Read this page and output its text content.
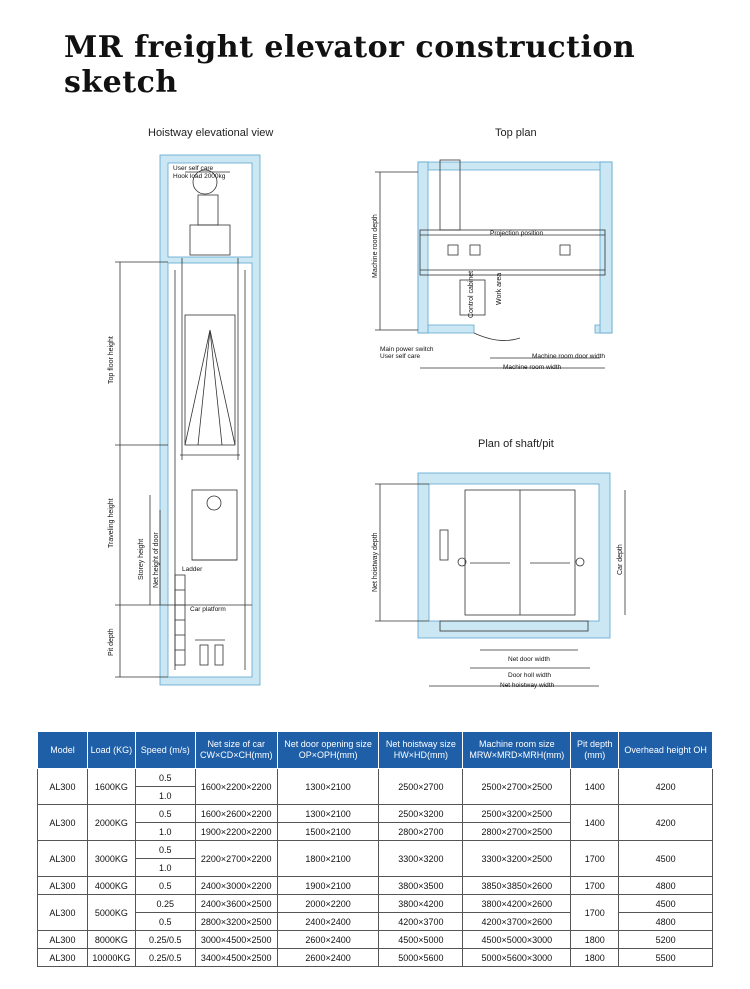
MR freight elevator construction sketch
Hoistway elevational view
User self care
Hook load 2000kg
Top floor height
Traveling height
Storey height Net height of door	Ladder
Car platform
Pit depth
Top plan
Machine room depth	Projection position
Control cabinet	Work area
Main power switch
User self care	Machine room door width
Machine room width
Plan of shaft/pit
Net hoistway depth	Car depth
Net door width
Door holl width
Net hoistway width
Model	Load (KG)	Speed (m/s)	Net size of car CW×CD×CH(mm)	Net door opening size OP×OPH(mm)	Net hoistway size HW×HD(mm)	Machine room size MRW×MRD×MRH(mm)	Pit depth (mm)	Overhead height OH
AL300	1600KG	0.5	1600×2200×2200	1300×2100	2500×2700	2500×2700×2500	1400	4200
		1.0						
AL300	2000KG	0.5	1600×2600×2200	1300×2100	2500×3200	2500×3200×2500	1400	4200
		1.0	1900×2200×2200	1500×2100	2800×2700	2800×2700×2500		
AL300	3000KG	0.5	2200×2700×2200	1800×2100	3300×3200	3300×3200×2500	1700	4500
		1.0						
AL300	4000KG	0.5	2400×3000×2200	1900×2100	3800×3500	3850×3850×2600	1700	4800
AL300	5000KG	0.25	2400×3600×2500	2000×2200	3800×4200	3800×4200×2600	1700	4500
		0.5	2800×3200×2500	2400×2400	4200×3700	4200×3700×2600		4800
AL300	8000KG	0.25/0.5	3000×4500×2500	2600×2400	4500×5000	4500×5000×3000	1800	5200
AL300	10000KG	0.25/0.5	3400×4500×2500	2600×2400	5000×5600	5000×5600×3000	1800	5500
